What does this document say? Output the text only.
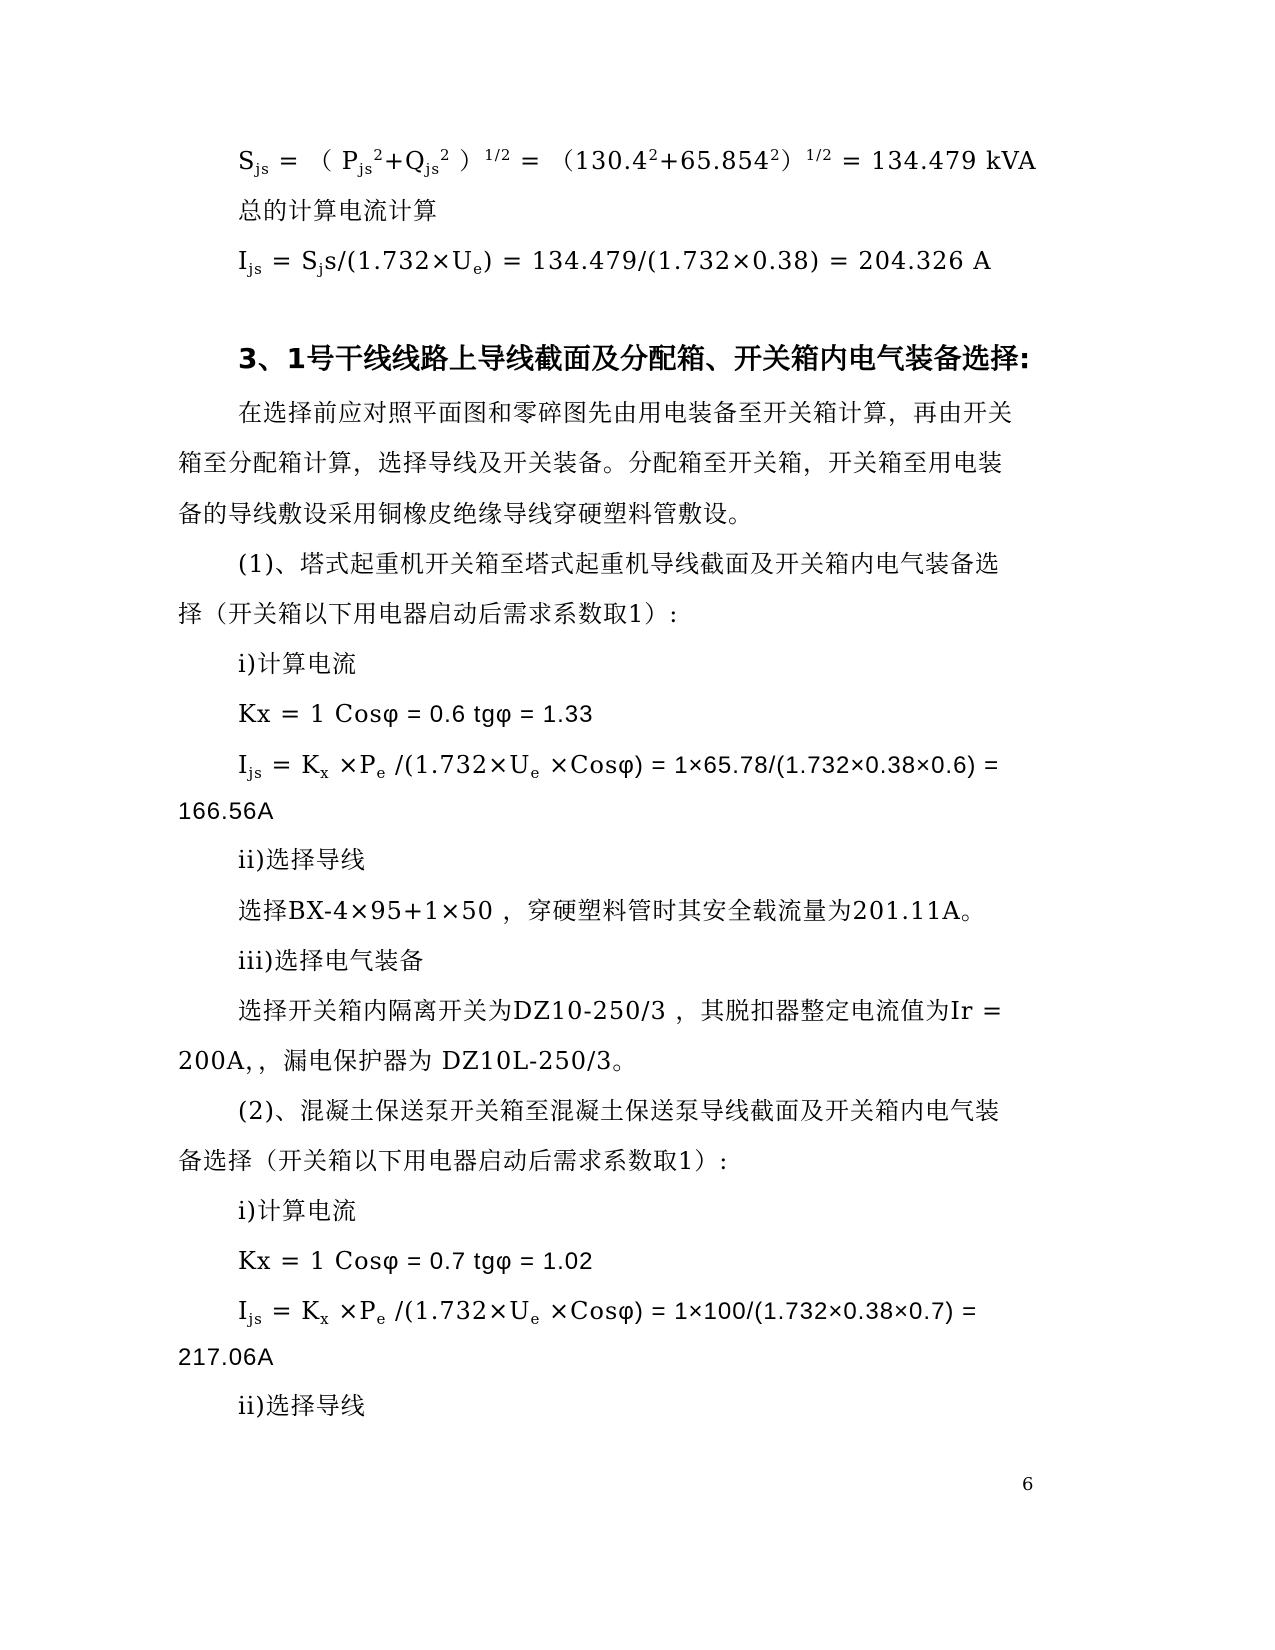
$S_{js}$ = （ $P_{js}^2+Q_{js}^2$ ）$^{1/2} = (130.4^2+65.854^2)^{1/2} = 134.479$ kVA
总的计算电流计算
$I_{js} = S_js/(1.732\times U_e) = 134.479/(1.732\times 0.38) = 204.326$ A
3、1号干线线路上导线截面及分配箱、开关箱内电气装备选择:
在选择前应对照平面图和零碎图先由用电装备至开关箱计算，再由开关
箱至分配箱计算，选择导线及开关装备。分配箱至开关箱，开关箱至用电装
备的导线敷设采用铜橡皮绝缘导线穿硬塑料管敷设。
(1)、塔式起重机开关箱至塔式起重机导线截面及开关箱内电气装备选
择（开关箱以下用电器启动后需求系数取1）:
i)计算电流
Kx = 1 Cosφ = 0.6 tgφ = 1.33
$I_{js} = K_x \times P_e$ $/(1.732\times U_e \times Cos\varphi) = 1\times 65.78/(1.732\times 0.38\times 0.6)$ =
166.56A
ii)选择导线
选择BX-4×95+1×50 ，穿硬塑料管时其安全载流量为201.11A。
iii)选择电气装备
选择开关箱内隔离开关为DZ10-250/3 ，其脱扣器整定电流值为Ir =
200A，，漏电保护器为 DZ10L-250/3。
(2)、混凝土保送泵开关箱至混凝土保送泵导线截面及开关箱内电气装
备选择（开关箱以下用电器启动后需求系数取1）:
i)计算电流
Kx = 1 Cosφ = 0.7 tgφ = 1.02
$I_{js} = K_x \times P_e$ $/(1.732\times U_e \times Cos\varphi) = 1\times 100/(1.732\times 0.38\times 0.7)$ =
217.06A
ii)选择导线
6
